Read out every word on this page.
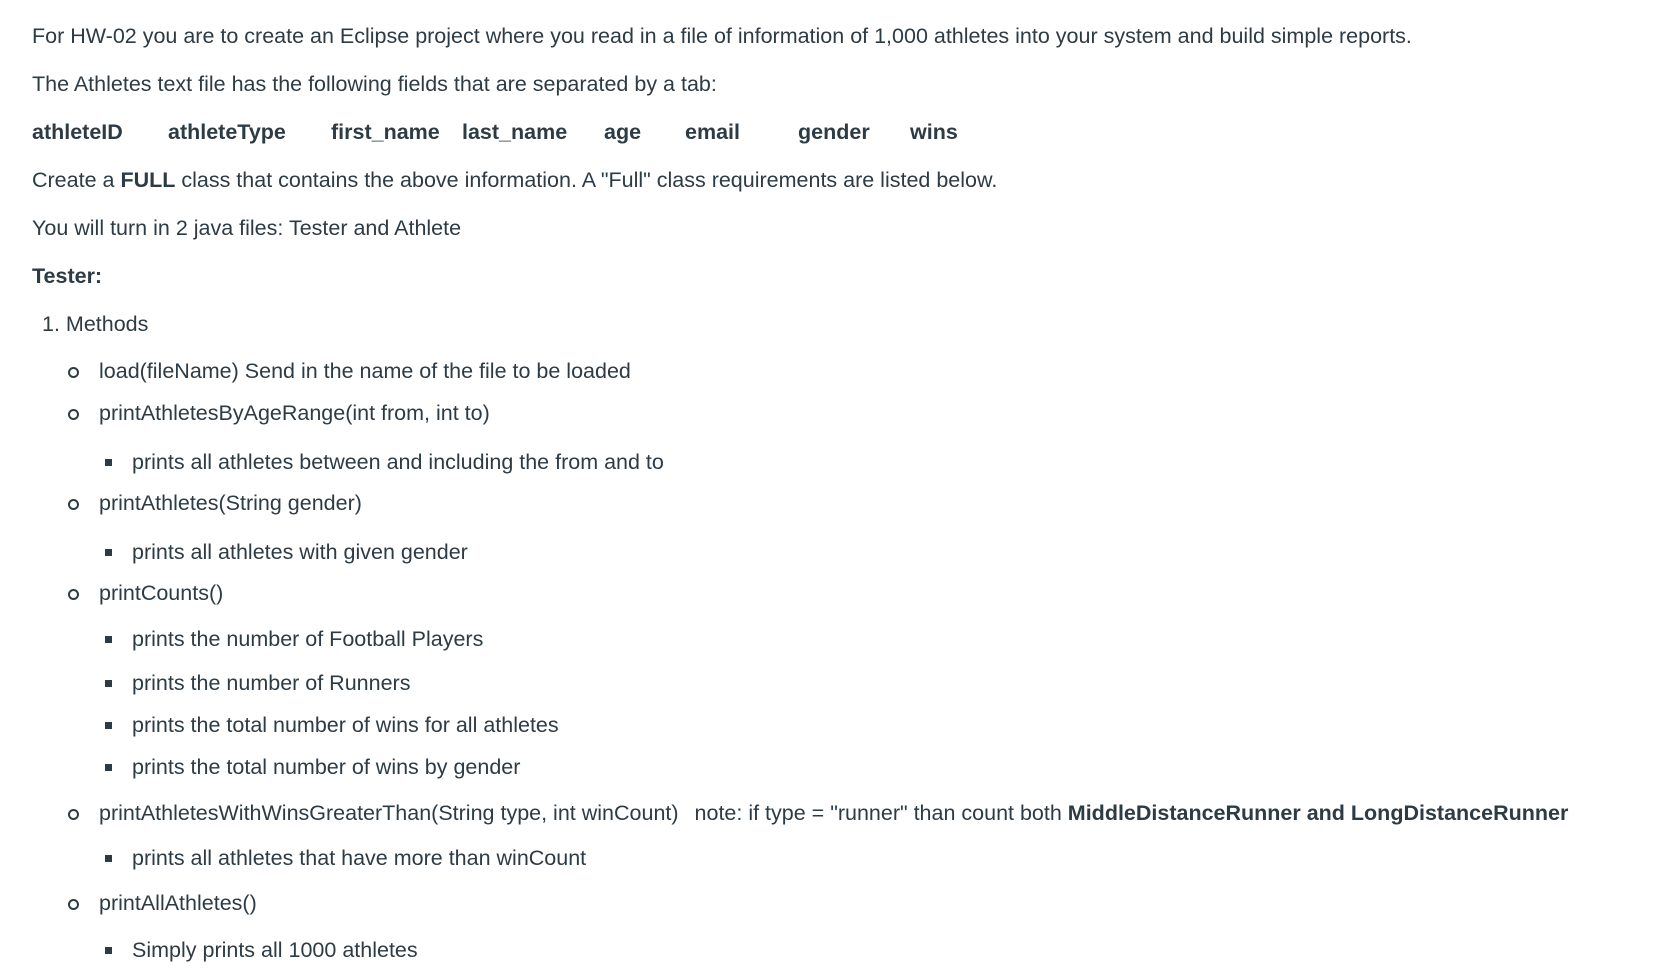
For HW-02 you are to create an Eclipse project where you read in a file of information of 1,000 athletes into your system and build simple reports.
The Athletes text file has the following fields that are separated by a tab:
athleteID athleteType first_name last_name age email	gender wins
Create a FULL class that contains the above information. A "Full" class requirements are listed below.
You will turn in 2 java files: Tester and Athlete
Tester:
1. Methods
load(fileName) Send in the name of the file to be loaded
printAthletesByAgeRange(int from, int to)
prints all athletes between and including the from and to
printAthletes(String gender)
prints all athletes with given gender
printCounts()
prints the number of Football Players
prints the number of Runners
prints the total number of wins for all athletes
prints the total number of wins by gender
printAthletesWithWinsGreaterThan(String type, int winCount) note: if type = "runner" than count both MiddleDistanceRunner and LongDistanceRunner
prints all athletes that have more than winCount
printAllAthletes()
Simply prints all 1000 athletes
